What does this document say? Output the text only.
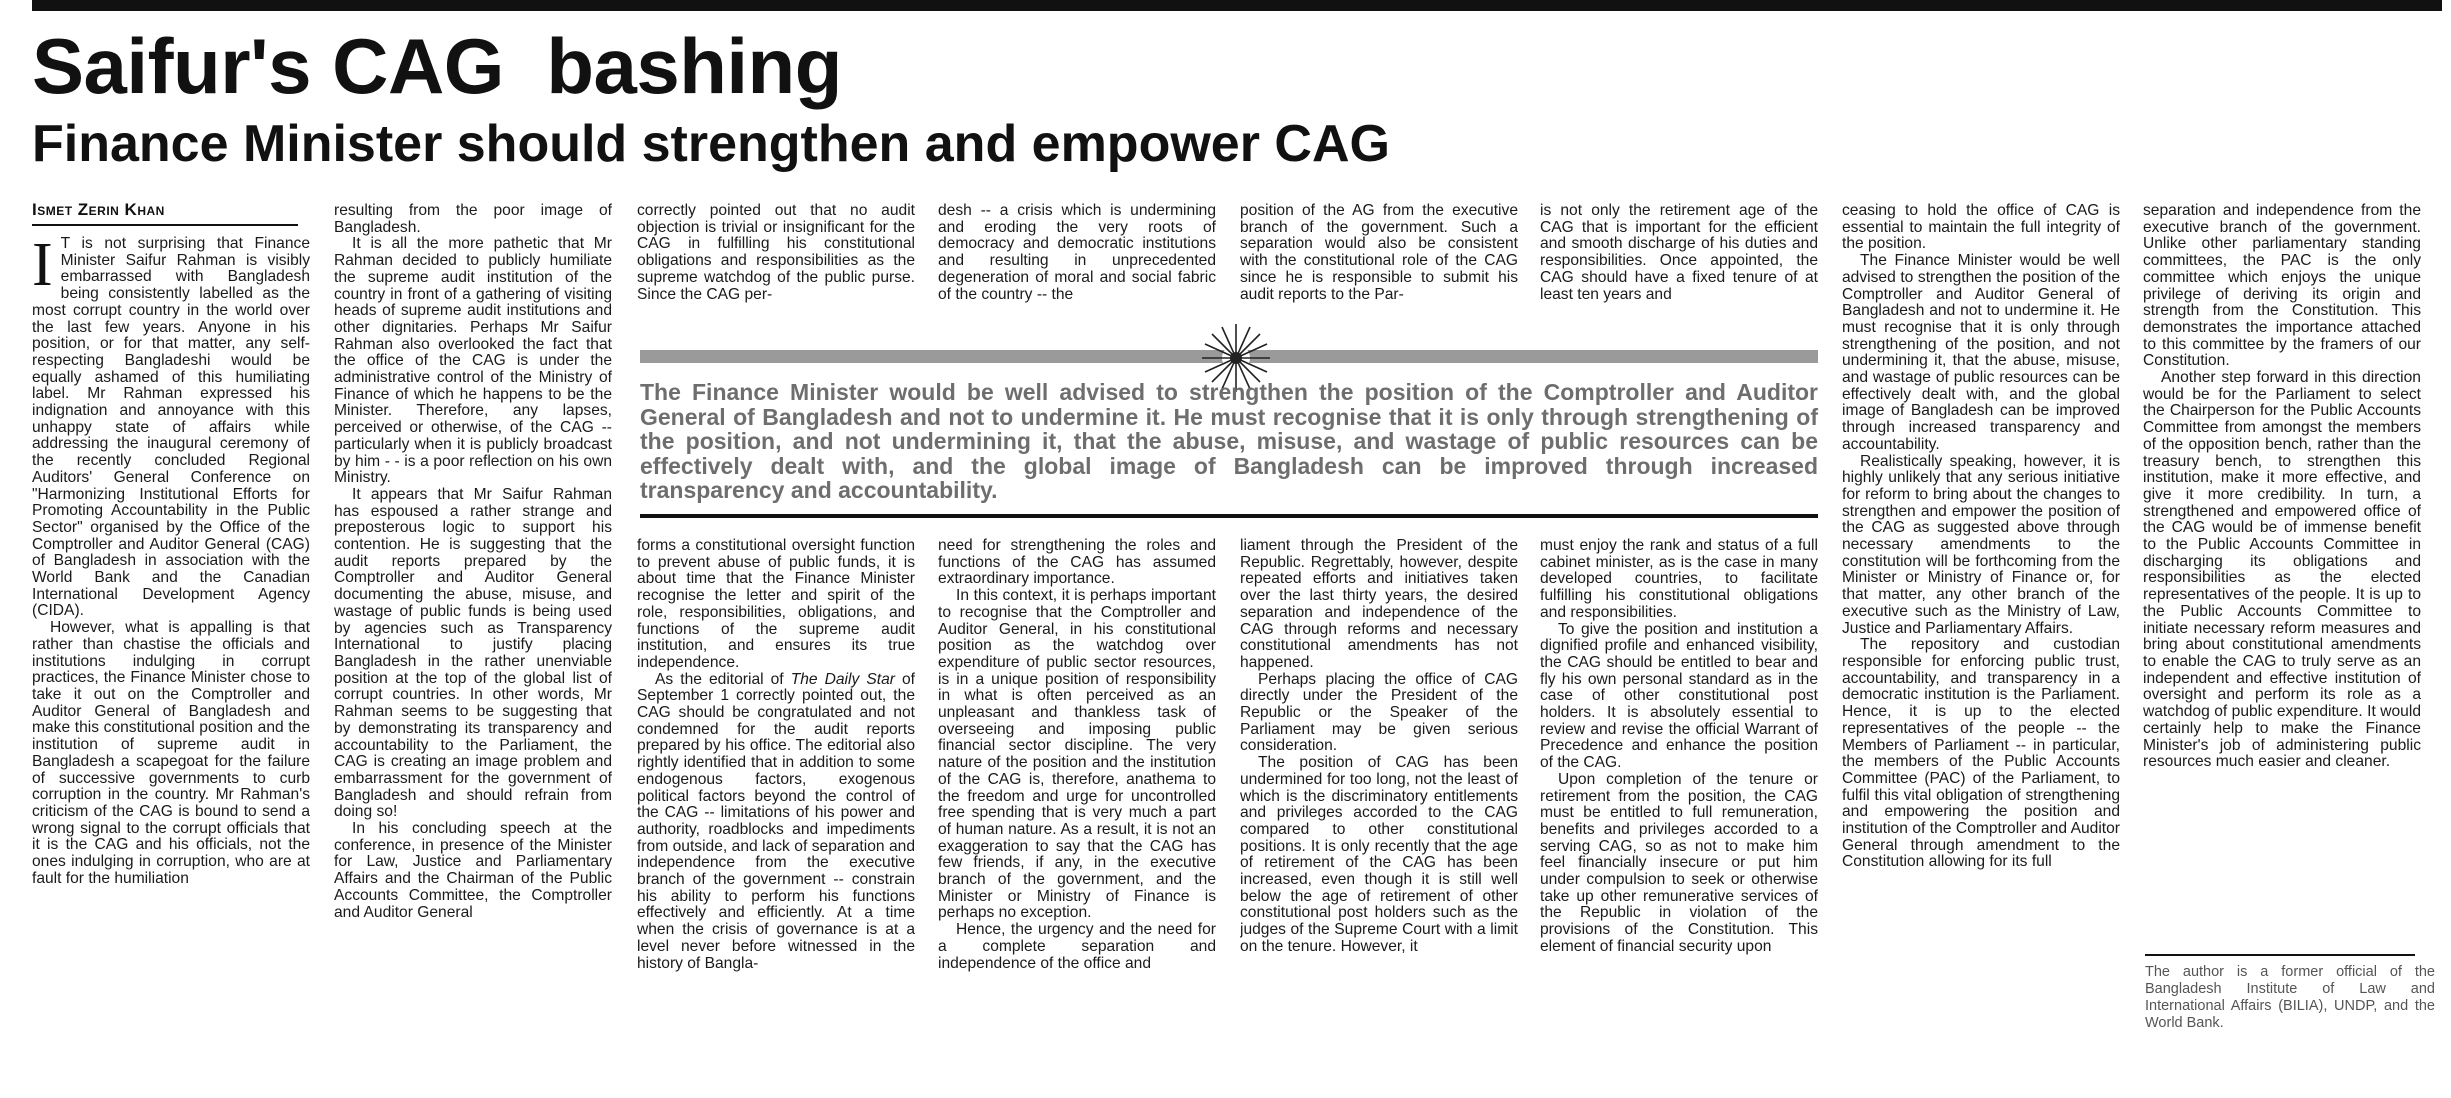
Saifur's CAG  bashing
Finance Minister should strengthen and empower CAG
Ismet Zerin Khan

I T is not surprising that Finance Minister Saifur Rahman is visibly embarrassed with Bangladesh being consistently labelled as the most corrupt country in the world over the last few years. Anyone in his position, or for that matter, any self-respecting Bangladeshi would be equally ashamed of this humiliating label. Mr Rahman expressed his indignation and annoyance with this unhappy state of affairs while addressing the inaugural ceremony of the recently concluded Regional Auditors' General Conference on "Harmonizing Institutional Efforts for Promoting Accountability in the Public Sector" organised by the Office of the Comptroller and Auditor General (CAG) of Bangladesh in association with the World Bank and the Canadian International Development Agency (CIDA).

However, what is appalling is that rather than chastise the officials and institutions indulging in corrupt practices, the Finance Minister chose to take it out on the Comptroller and Auditor General of Bangladesh and make this constitutional position and the institution of supreme audit in Bangladesh a scapegoat for the failure of successive governments to curb corruption in the country. Mr Rahman's criticism of the CAG is bound to send a wrong signal to the corrupt officials that it is the CAG and his officials, not the ones indulging in corruption, who are at fault for the humiliation

resulting from the poor image of Bangladesh.

It is all the more pathetic that Mr Rahman decided to publicly humiliate the supreme audit institution of the country in front of a gathering of visiting heads of supreme audit institutions and other dignitaries. Perhaps Mr Saifur Rahman also overlooked the fact that the office of the CAG is under the administrative control of the Ministry of Finance of which he happens to be the Minister. Therefore, any lapses, perceived or otherwise, of the CAG -- particularly when it is publicly broadcast by him - - is a poor reflection on his own Ministry.

It appears that Mr Saifur Rahman has espoused a rather strange and preposterous logic to support his contention. He is suggesting that the audit reports prepared by the Comptroller and Auditor General documenting the abuse, misuse, and wastage of public funds is being used by agencies such as Transparency International to justify placing Bangladesh in the rather unenviable position at the top of the global list of corrupt countries. In other words, Mr Rahman seems to be suggesting that by demonstrating its transparency and accountability to the Parliament, the CAG is creating an image problem and embarrassment for the government of Bangladesh and should refrain from doing so!

In his concluding speech at the conference, in presence of the Minister for Law, Justice and Parliamentary Affairs and the Chairman of the Public Accounts Committee, the Comptroller and Auditor General

correctly pointed out that no audit objection is trivial or insignificant for the CAG in fulfilling his constitutional obligations and responsibilities as the supreme watchdog of the public purse. Since the CAG per-

desh -- a crisis which is undermining and eroding the very roots of democracy and democratic institutions and resulting in unprecedented degeneration of moral and social fabric of the country -- the

position of the AG from the executive branch of the government. Such a separation would also be consistent with the constitutional role of the CAG since he is responsible to submit his audit reports to the Par-

is not only the retirement age of the CAG that is important for the efficient and smooth discharge of his duties and responsibilities. Once appointed, the CAG should have a fixed tenure of at least ten years and

The Finance Minister would be well advised to strengthen the position of the Comptroller and Auditor General of Bangladesh and not to undermine it. He must recognise that it is only through strengthening of the position, and not undermining it, that the abuse, misuse, and wastage of public resources can be effectively dealt with, and the global image of Bangladesh can be improved through increased transparency and accountability.

forms a constitutional oversight function to prevent abuse of public funds, it is about time that the Finance Minister recognise the letter and spirit of the role, responsibilities, obligations, and functions of the supreme audit institution, and ensures its true independence.

As the editorial of The Daily Star of September 1 correctly pointed out, the CAG should be congratulated and not condemned for the audit reports prepared by his office. The editorial also rightly identified that in addition to some endogenous factors, exogenous political factors beyond the control of the CAG -- limitations of his power and authority, roadblocks and impediments from outside, and lack of separation and independence from the executive branch of the government -- constrain his ability to perform his functions effectively and efficiently. At a time when the crisis of governance is at a level never before witnessed in the history of Bangla-

need for strengthening the roles and functions of the CAG has assumed extraordinary importance.

In this context, it is perhaps important to recognise that the Comptroller and Auditor General, in his constitutional position as the watchdog over expenditure of public sector resources, is in a unique position of responsibility in what is often perceived as an unpleasant and thankless task of overseeing and imposing public financial sector discipline. The very nature of the position and the institution of the CAG is, therefore, anathema to the freedom and urge for uncontrolled free spending that is very much a part of human nature. As a result, it is not an exaggeration to say that the CAG has few friends, if any, in the executive branch of the government, and the Minister or Ministry of Finance is perhaps no exception.

Hence, the urgency and the need for a complete separation and independence of the office and

liament through the President of the Republic. Regrettably, however, despite repeated efforts and initiatives taken over the last thirty years, the desired separation and independence of the CAG through reforms and necessary constitutional amendments has not happened.

Perhaps placing the office of CAG directly under the President of the Republic or the Speaker of the Parliament may be given serious consideration.

The position of CAG has been undermined for too long, not the least of which is the discriminatory entitlements and privileges accorded to the CAG compared to other constitutional positions. It is only recently that the age of retirement of the CAG has been increased, even though it is still well below the age of retirement of other constitutional post holders such as the judges of the Supreme Court with a limit on the tenure. However, it

must enjoy the rank and status of a full cabinet minister, as is the case in many developed countries, to facilitate fulfilling his constitutional obligations and responsibilities.

To give the position and institution a dignified profile and enhanced visibility, the CAG should be entitled to bear and fly his own personal standard as in the case of other constitutional post holders. It is absolutely essential to review and revise the official Warrant of Precedence and enhance the position of the CAG.

Upon completion of the tenure or retirement from the position, the CAG must be entitled to full remuneration, benefits and privileges accorded to a serving CAG, so as not to make him feel financially insecure or put him under compulsion to seek or otherwise take up other remunerative services of the Republic in violation of the provisions of the Constitution. This element of financial security upon

ceasing to hold the office of CAG is essential to maintain the full integrity of the position.

The Finance Minister would be well advised to strengthen the position of the Comptroller and Auditor General of Bangladesh and not to undermine it. He must recognise that it is only through strengthening of the position, and not undermining it, that the abuse, misuse, and wastage of public resources can be effectively dealt with, and the global image of Bangladesh can be improved through increased transparency and accountability.

Realistically speaking, however, it is highly unlikely that any serious initiative for reform to bring about the changes to strengthen and empower the position of the CAG as suggested above through necessary amendments to the constitution will be forthcoming from the Minister or Ministry of Finance or, for that matter, any other branch of the executive such as the Ministry of Law, Justice and Parliamentary Affairs.

The repository and custodian responsible for enforcing public trust, accountability, and transparency in a democratic institution is the Parliament. Hence, it is up to the elected representatives of the people -- the Members of Parliament -- in particular, the members of the Public Accounts Committee (PAC) of the Parliament, to fulfil this vital obligation of strengthening and empowering the position and institution of the Comptroller and Auditor General through amendment to the Constitution allowing for its full

separation and independence from the executive branch of the government. Unlike other parliamentary standing committees, the PAC is the only committee which enjoys the unique privilege of deriving its origin and strength from the Constitution. This demonstrates the importance attached to this committee by the framers of our Constitution.

Another step forward in this direction would be for the Parliament to select the Chairperson for the Public Accounts Committee from amongst the members of the opposition bench, rather than the treasury bench, to strengthen this institution, make it more effective, and give it more credibility. In turn, a strengthened and empowered office of the CAG would be of immense benefit to the Public Accounts Committee in discharging its obligations and responsibilities as the elected representatives of the people. It is up to the Public Accounts Committee to initiate necessary reform measures and bring about constitutional amendments to enable the CAG to truly serve as an independent and effective institution of oversight and perform its role as a watchdog of public expenditure. It would certainly help to make the Finance Minister's job of administering public resources much easier and cleaner.

The author is a former official of the Bangladesh Institute of Law and International Affairs (BILIA), UNDP, and the World Bank.
